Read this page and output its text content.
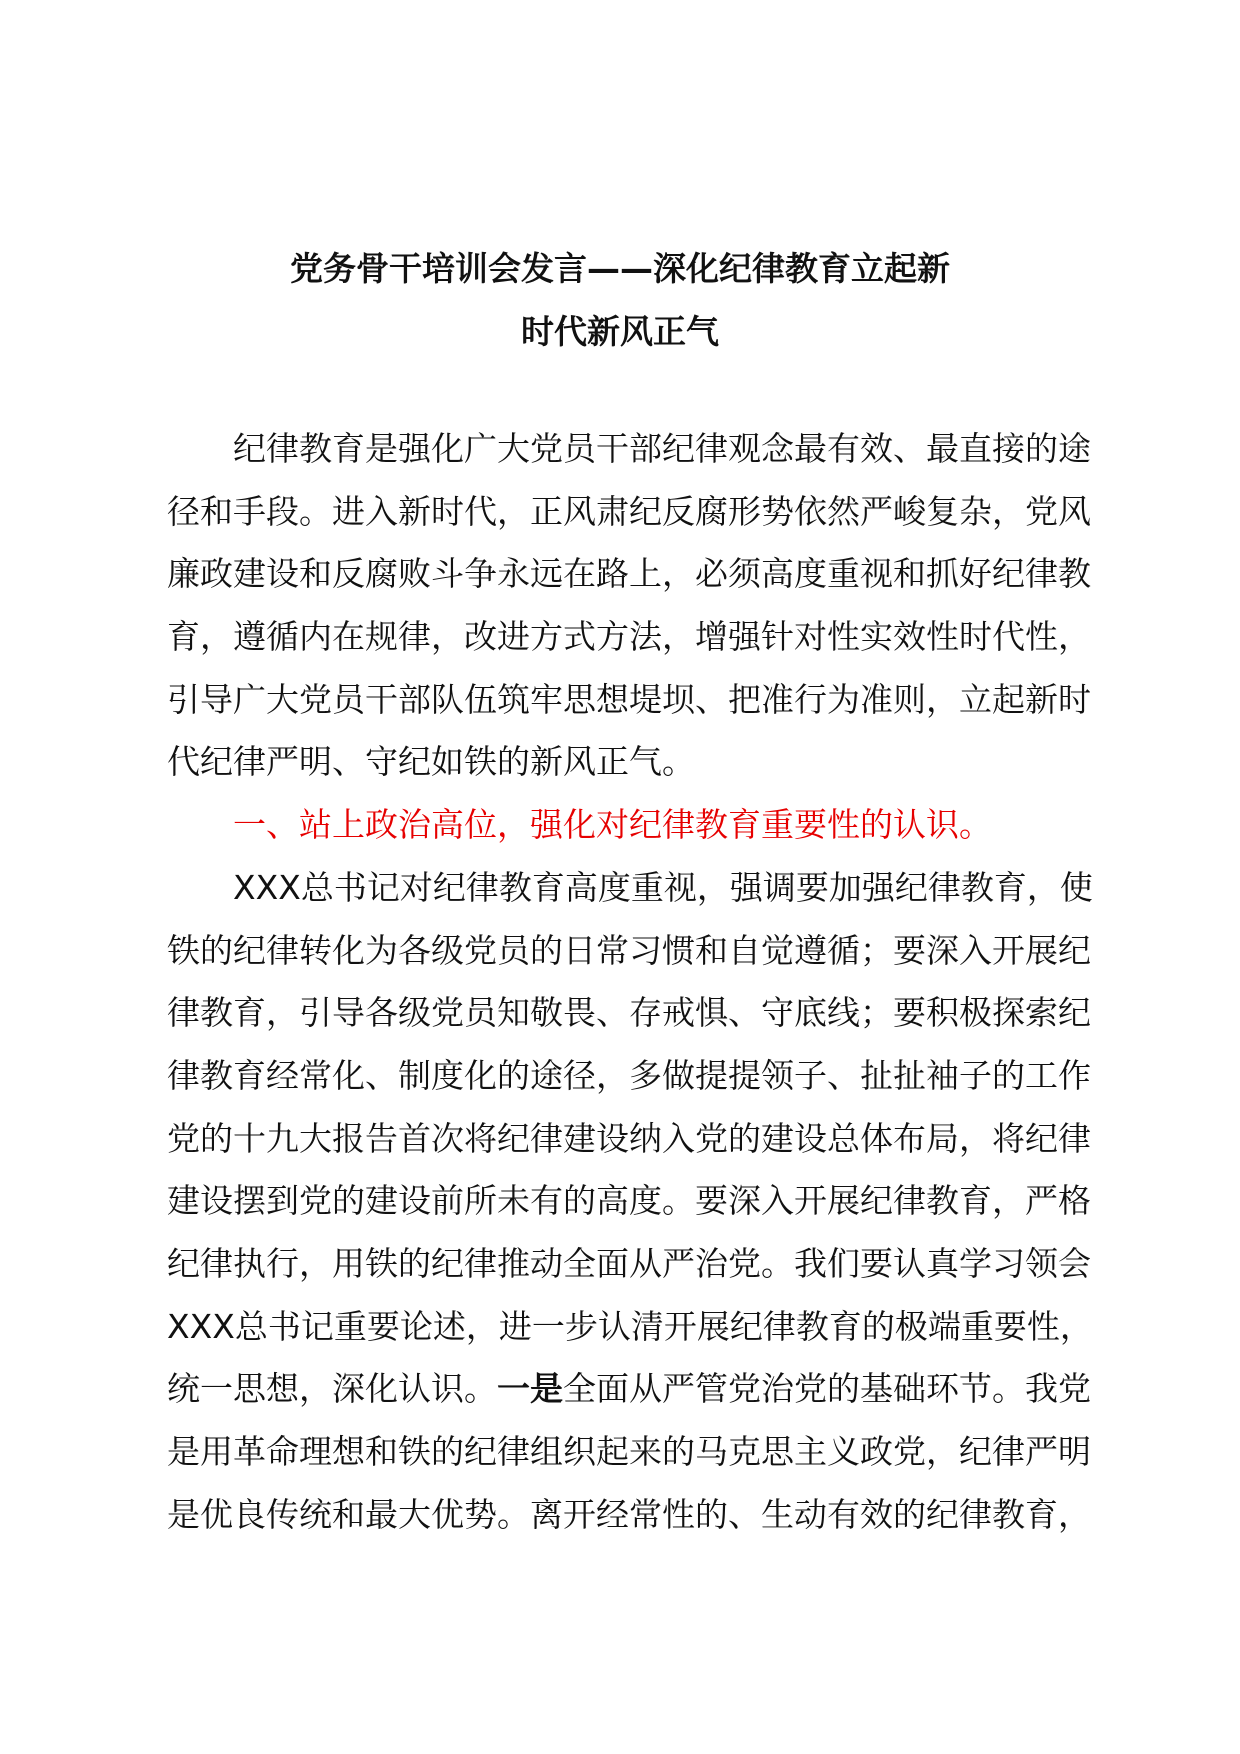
党务骨干培训会发言——深化纪律教育立起新
时代新风正气
纪律教育是强化广大党员干部纪律观念最有效、最直接的途
径和手段。进入新时代，正风肃纪反腐形势依然严峻复杂，党风
廉政建设和反腐败斗争永远在路上，必须高度重视和抓好纪律教
育，遵循内在规律，改进方式方法，增强针对性实效性时代性，
引导广大党员干部队伍筑牢思想堤坝、把准行为准则，立起新时
代纪律严明、守纪如铁的新风正气。
一、站上政治高位，强化对纪律教育重要性的认识。
XXX总书记对纪律教育高度重视，强调要加强纪律教育，使
铁的纪律转化为各级党员的日常习惯和自觉遵循；要深入开展纪
律教育，引导各级党员知敬畏、存戒惧、守底线；要积极探索纪
律教育经常化、制度化的途径，多做提提领子、扯扯袖子的工作
党的十九大报告首次将纪律建设纳入党的建设总体布局，将纪律
建设摆到党的建设前所未有的高度。要深入开展纪律教育，严格
纪律执行，用铁的纪律推动全面从严治党。我们要认真学习领会
XXX总书记重要论述，进一步认清开展纪律教育的极端重要性，
统一思想，深化认识。一是全面从严管党治党的基础环节。我党
是用革命理想和铁的纪律组织起来的马克思主义政党，纪律严明
是优良传统和最大优势。离开经常性的、生动有效的纪律教育，
